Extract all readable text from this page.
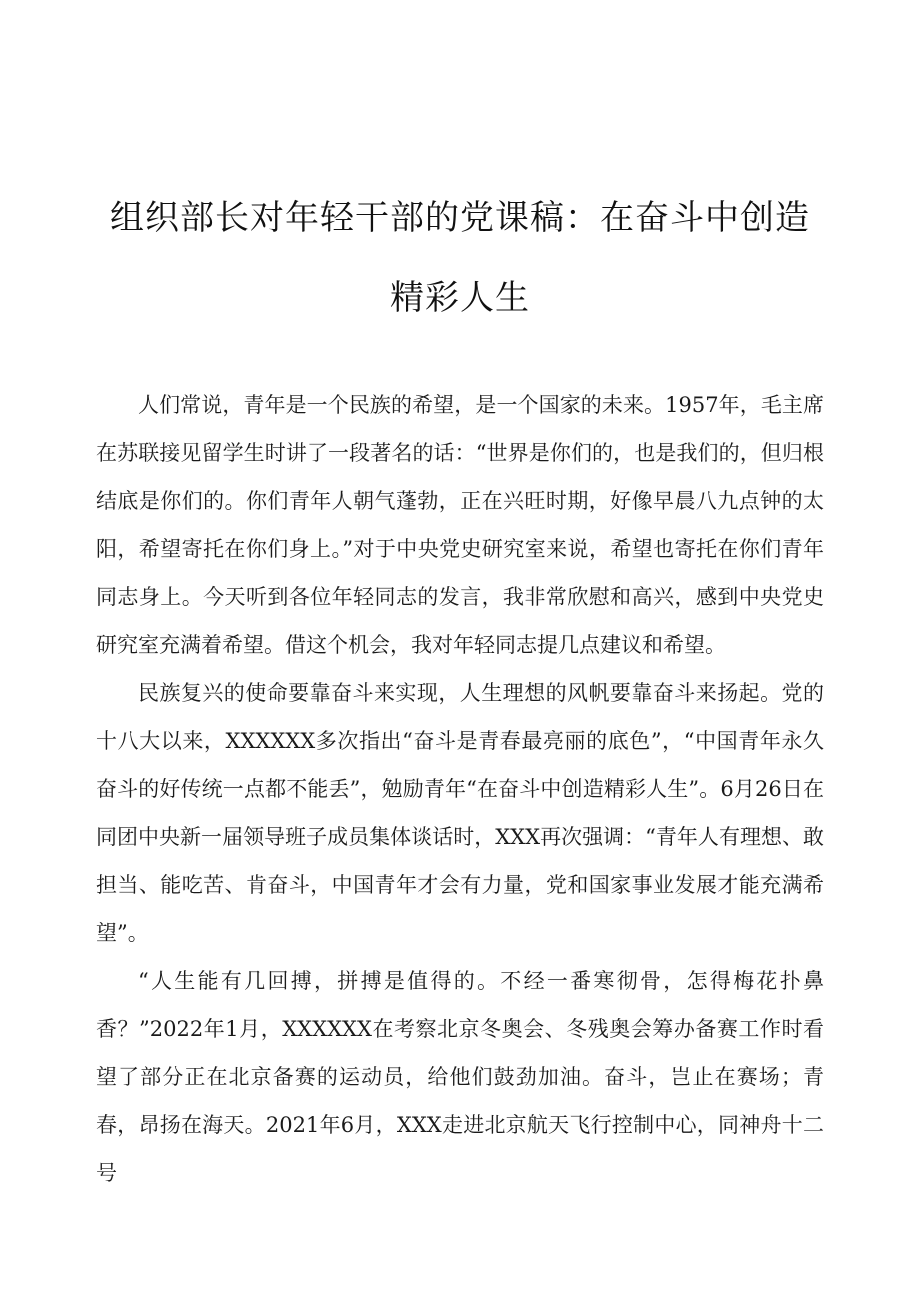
组织部长对年轻干部的党课稿：在奋斗中创造精彩人生

人们常说，青年是一个民族的希望，是一个国家的未来。1957年，毛主席在苏联接见留学生时讲了一段著名的话：“世界是你们的，也是我们的，但归根结底是你们的。你们青年人朝气蓬勃，正在兴旺时期，好像早晨八九点钟的太阳，希望寄托在你们身上。”对于中央党史研究室来说，希望也寄托在你们青年同志身上。今天听到各位年轻同志的发言，我非常欣慰和高兴，感到中央党史研究室充满着希望。借这个机会，我对年轻同志提几点建议和希望。

民族复兴的使命要靠奋斗来实现，人生理想的风帆要靠奋斗来扬起。党的十八大以来，XXXXXX多次指出“奋斗是青春最亮丽的底色”，“中国青年永久奋斗的好传统一点都不能丢”，勉励青年“在奋斗中创造精彩人生”。6月26日在同团中央新一届领导班子成员集体谈话时，XXX再次强调：“青年人有理想、敢担当、能吃苦、肯奋斗，中国青年才会有力量，党和国家事业发展才能充满希望”。

“人生能有几回搏，拼搏是值得的。不经一番寒彻骨，怎得梅花扑鼻香？”2022年1月，XXXXXX在考察北京冬奥会、冬残奥会筹办备赛工作时看望了部分正在北京备赛的运动员，给他们鼓劲加油。奋斗，岂止在赛场；青春，昂扬在海天。2021年6月，XXX走进北京航天飞行控制中心，同神舟十二号
